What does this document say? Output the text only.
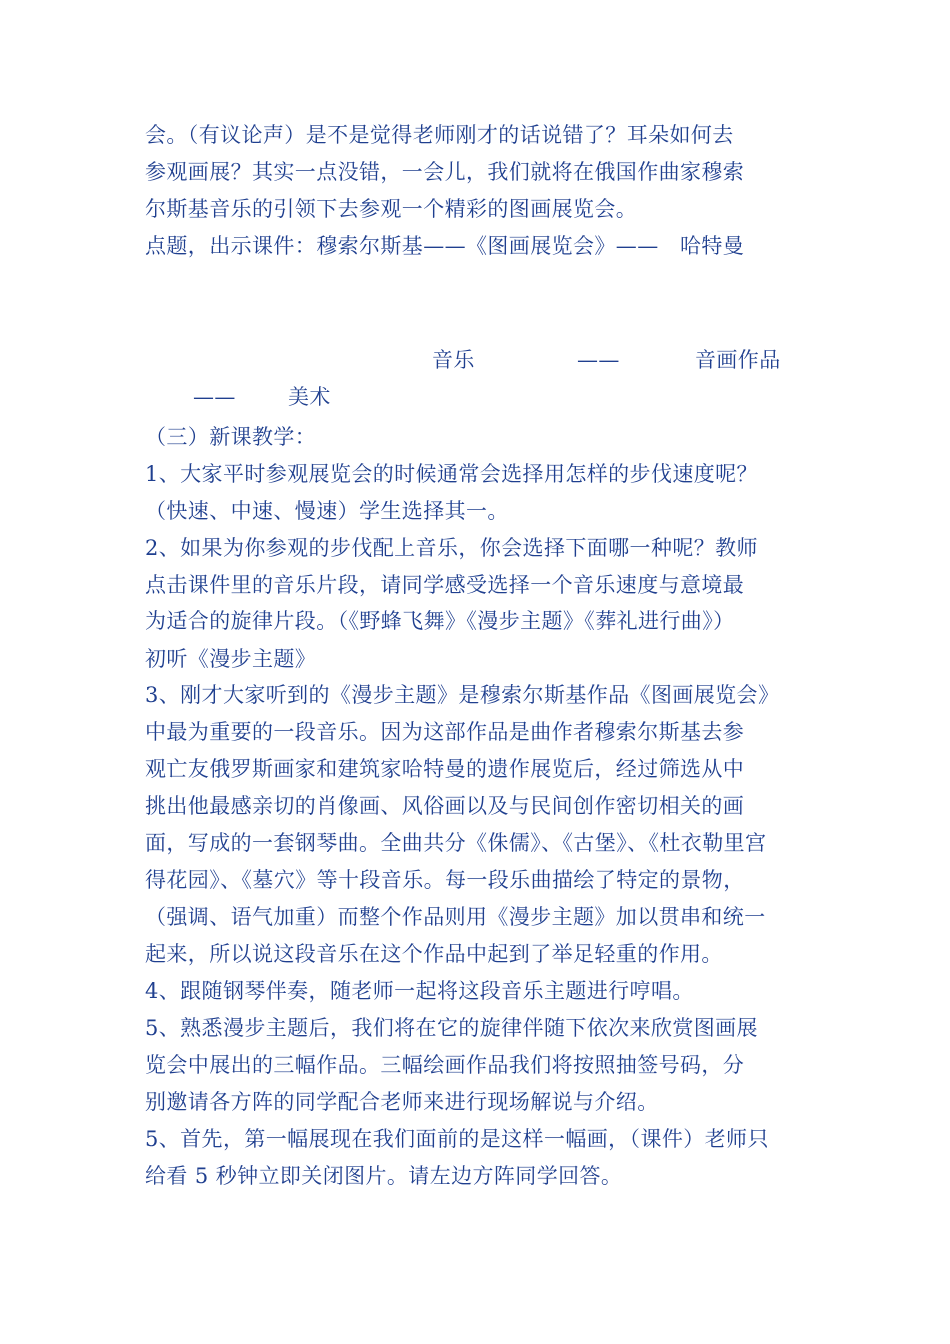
会。（有议论声）是不是觉得老师刚才的话说错了？耳朵如何去
参观画展？其实一点没错，一会儿，我们就将在俄国作曲家穆索
尔斯基音乐的引领下去参观一个精彩的图画展览会。
点题，出示课件：穆索尔斯基——《图画展览会》——　哈特曼
音乐	——	音画作品
—— 美术
（三）新课教学：
1、大家平时参观展览会的时候通常会选择用怎样的步伐速度呢？
（快速、中速、慢速）学生选择其一。
2、如果为你参观的步伐配上音乐，你会选择下面哪一种呢？教师
点击课件里的音乐片段，请同学感受选择一个音乐速度与意境最
为适合的旋律片段。（《野蜂飞舞》《漫步主题》《葬礼进行曲》）
初听《漫步主题》
3、刚才大家听到的《漫步主题》是穆索尔斯基作品《图画展览会》
中最为重要的一段音乐。因为这部作品是曲作者穆索尔斯基去参
观亡友俄罗斯画家和建筑家哈特曼的遗作展览后，经过筛选从中
挑出他最感亲切的肖像画、风俗画以及与民间创作密切相关的画
面，写成的一套钢琴曲。全曲共分《侏儒》、《古堡》、《杜衣勒里宫
得花园》、《墓穴》等十段音乐。每一段乐曲描绘了特定的景物，
（强调、语气加重）而整个作品则用《漫步主题》加以贯串和统一
起来，所以说这段音乐在这个作品中起到了举足轻重的作用。
4、跟随钢琴伴奏，随老师一起将这段音乐主题进行哼唱。
5、熟悉漫步主题后，我们将在它的旋律伴随下依次来欣赏图画展
览会中展出的三幅作品。三幅绘画作品我们将按照抽签号码，分
别邀请各方阵的同学配合老师来进行现场解说与介绍。
5、首先，第一幅展现在我们面前的是这样一幅画，（课件）老师只
给看 5 秒钟立即关闭图片。请左边方阵同学回答。
